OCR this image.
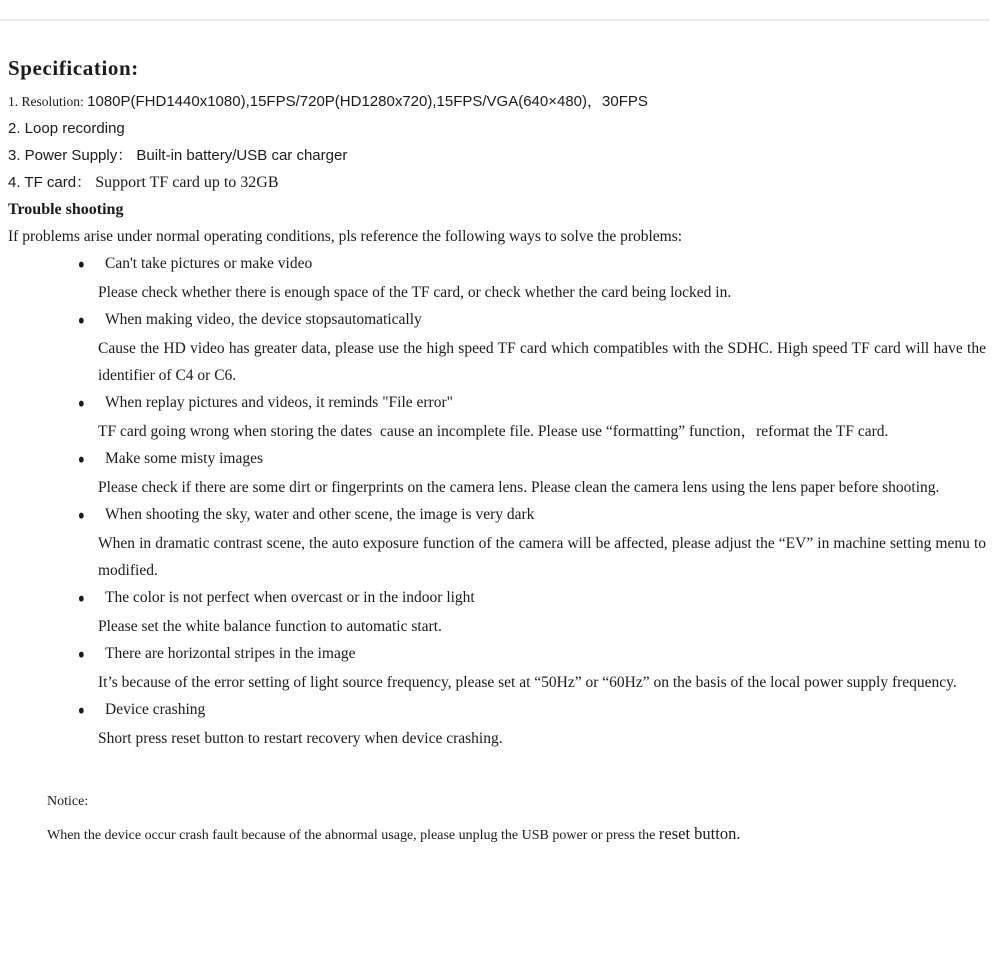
Specification:
1. Resolution: 1080P(FHD1440x1080),15FPS/720P(HD1280x720),15FPS/VGA(640×480)，30FPS
2. Loop recording
3. Power Supply： Built-in battery/USB car charger
4. TF card： Support TF card up to 32GB
Trouble shooting

If problems arise under normal operating conditions, pls reference the following ways to solve the problems:

●	Can't take pictures or make video
Please check whether there is enough space of the TF card, or check whether the card being locked in.
●	When making video, the device stopsautomatically
Cause the HD video has greater data, please use the high speed TF card which compatibles with the SDHC. High speed TF card will have the identifier of C4 or C6.
●	When replay pictures and videos, it reminds "File error"
TF card going wrong when storing the dates  cause an incomplete file. Please use “formatting” function，reformat the TF card.
●	Make some misty images
Please check if there are some dirt or fingerprints on the camera lens. Please clean the camera lens using the lens paper before shooting.
●	When shooting the sky, water and other scene, the image is very dark
When in dramatic contrast scene, the auto exposure function of the camera will be affected, please adjust the “EV” in machine setting menu to modified.
●	The color is not perfect when overcast or in the indoor light
Please set the white balance function to automatic start.
●	There are horizontal stripes in the image
It’s because of the error setting of light source frequency, please set at “50Hz” or “60Hz” on the basis of the local power supply frequency.
●	Device crashing
Short press reset button to restart recovery when device crashing.

Notice:

When the device occur crash fault because of the abnormal usage, please unplug the USB power or press the reset button.
